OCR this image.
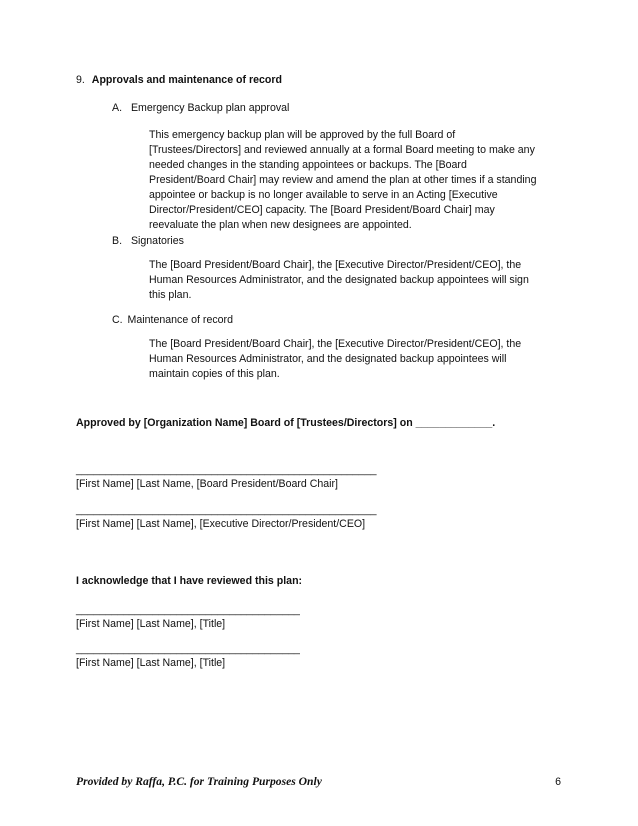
9. Approvals and maintenance of record
A. Emergency Backup plan approval
This emergency backup plan will be approved by the full Board of
[Trustees/Directors] and reviewed annually at a formal Board meeting to make any
needed changes in the standing appointees or backups. The [Board
President/Board Chair] may review and amend the plan at other times if a standing
appointee or backup is no longer available to serve in an Acting [Executive
Director/President/CEO] capacity. The [Board President/Board Chair] may
reevaluate the plan when new designees are appointed.
B. Signatories
The [Board President/Board Chair], the [Executive Director/President/CEO], the
Human Resources Administrator, and the designated backup appointees will sign
this plan.
C. Maintenance of record
The [Board President/Board Chair], the [Executive Director/President/CEO], the
Human Resources Administrator, and the designated backup appointees will
maintain copies of this plan.
Approved by [Organization Name] Board of [Trustees/Directors] on _____________.
___________________________________________________
[First Name] [Last Name, [Board President/Board Chair]
___________________________________________________
[First Name] [Last Name], [Executive Director/President/CEO]
I acknowledge that I have reviewed this plan:
______________________________________
[First Name] [Last Name], [Title]
______________________________________
[First Name] [Last Name], [Title]
Provided by Raffa, P.C. for Training Purposes Only	6
